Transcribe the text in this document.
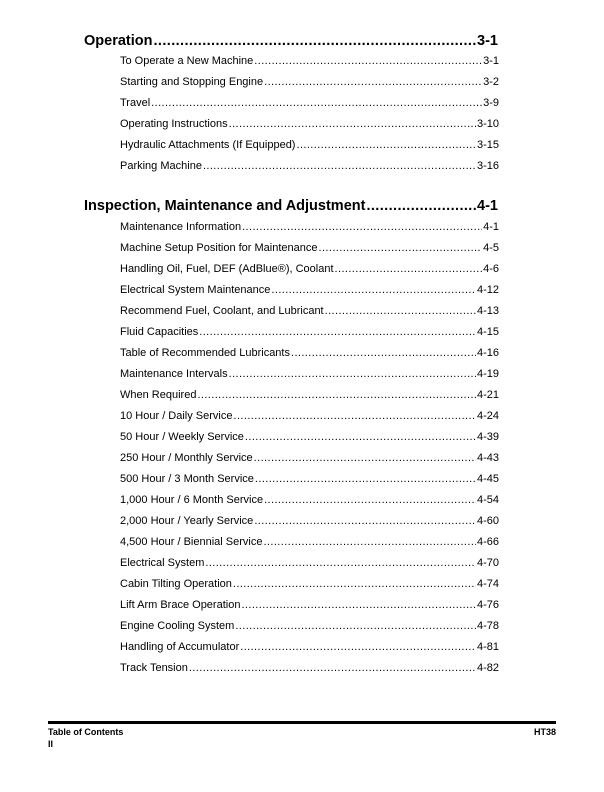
Operation .....	3-1
To Operate a New Machine .....	3-1
Starting and Stopping Engine .....	3-2
Travel .....	3-9
Operating Instructions .....	3-10
Hydraulic Attachments (If Equipped) .....	3-15
Parking Machine .....	3-16
Inspection, Maintenance and Adjustment .....	4-1
Maintenance Information .....	4-1
Machine Setup Position for Maintenance .....	4-5
Handling Oil, Fuel, DEF (AdBlue®), Coolant .....	4-6
Electrical System Maintenance .....	4-12
Recommend Fuel, Coolant, and Lubricant .....	4-13
Fluid Capacities .....	4-15
Table of Recommended Lubricants .....	4-16
Maintenance Intervals .....	4-19
When Required .....	4-21
10 Hour / Daily Service .....	4-24
50 Hour / Weekly Service .....	4-39
250 Hour / Monthly Service .....	4-43
500 Hour / 3 Month Service .....	4-45
1,000 Hour / 6 Month Service .....	4-54
2,000 Hour / Yearly Service .....	4-60
4,500 Hour / Biennial Service .....	4-66
Electrical System .....	4-70
Cabin Tilting Operation .....	4-74
Lift Arm Brace Operation .....	4-76
Engine Cooling System .....	4-78
Handling of Accumulator .....	4-81
Track Tension .....	4-82
Table of Contents
II
HT38
